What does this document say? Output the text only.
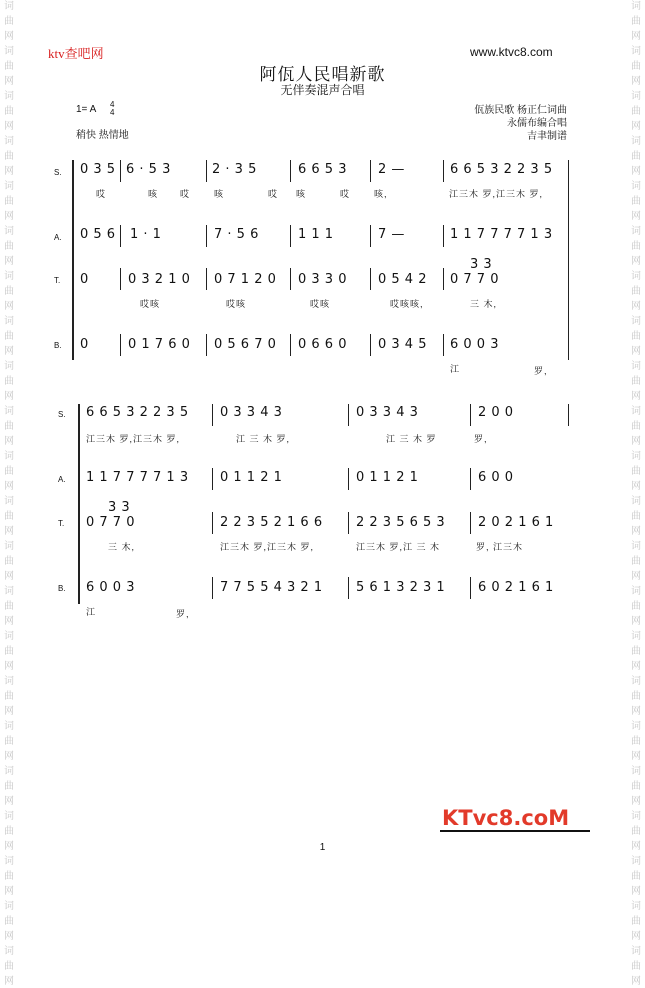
词
曲
网
词
曲
网
词
曲
网
词
曲
网
词
曲
网
词
曲
网
词
曲
网
词
曲
网
词
曲
网
词
曲
网
词
曲
网
词
曲
网
词
曲
网
词
曲
网
词
曲
网
词
曲
网
词
曲
网
词
曲
网
词
曲
网
词
曲
网
词
曲
网
词
曲
网
词
曲
网
词
曲
网
词
曲
网
词
曲
网
词
曲
网
词
曲
网
词
曲
网
词
曲
网
词
曲
网
词
曲
网
词
曲
网
词
曲
网
词
曲
网
词
曲
网
词
曲
网
词
曲
网
词
曲
网
词
曲
网
词
曲
网
词
曲
网
词
曲
网
词
曲
网
ktv查吧网	www.ktvc8.com
阿佤人民唱新歌
无伴奏混声合唱
1= A 4
4
稍快 热情地
佤族民歌 杨正仁词曲
永儒布编合唱
吉聿制谱
S.
A.
T.
B.
0 3 5 6 · 5 3	2 · 3 5	6 6 5 3 2 —	6 6 5 3 2 2 3 5
哎	咳 哎	咳	哎 咳	哎	咳,	江三木 罗,江三木 罗,
0 5 6 1 · 1	7 · 5 6	1 1 1	7 —	1 1 7 7 7 7 1 3
3 3
0	0 3 2 1 0 0 7 1 2 0 0 3 3 0 0 5 4 2 0 7 7 0
哎咳	哎咳	哎咳	哎咳咳,	三 木,
0	0 1 7 6 0 0 5 6 7 0 0 6 6 0 0 3 4 5 6 0 0 3
江	罗,
S.
A.
T.
B.
6 6 5 3 2 2 3 5 0 3 3 4 3	0 3 3 4 3	2 0 0
江三木 罗,江三木 罗,	江 三 木 罗,	江 三 木 罗	罗,
1 1 7 7 7 7 1 3 0 1 1 2 1	0 1 1 2 1	6 0 0
3 3
0 7 7 0	2 2 3 5 2 1 6 6	2 2 3 5 6 5 3	2 0 2 1 6 1
三 木,	江三木 罗,江三木 罗,	江三木 罗,江 三 木	罗, 江三木
6 0 0 3	7 7 5 5 4 3 2 1	5 6 1 3 2 3 1	6 0 2 1 6 1
江	罗,
KTvc8.coM
1
